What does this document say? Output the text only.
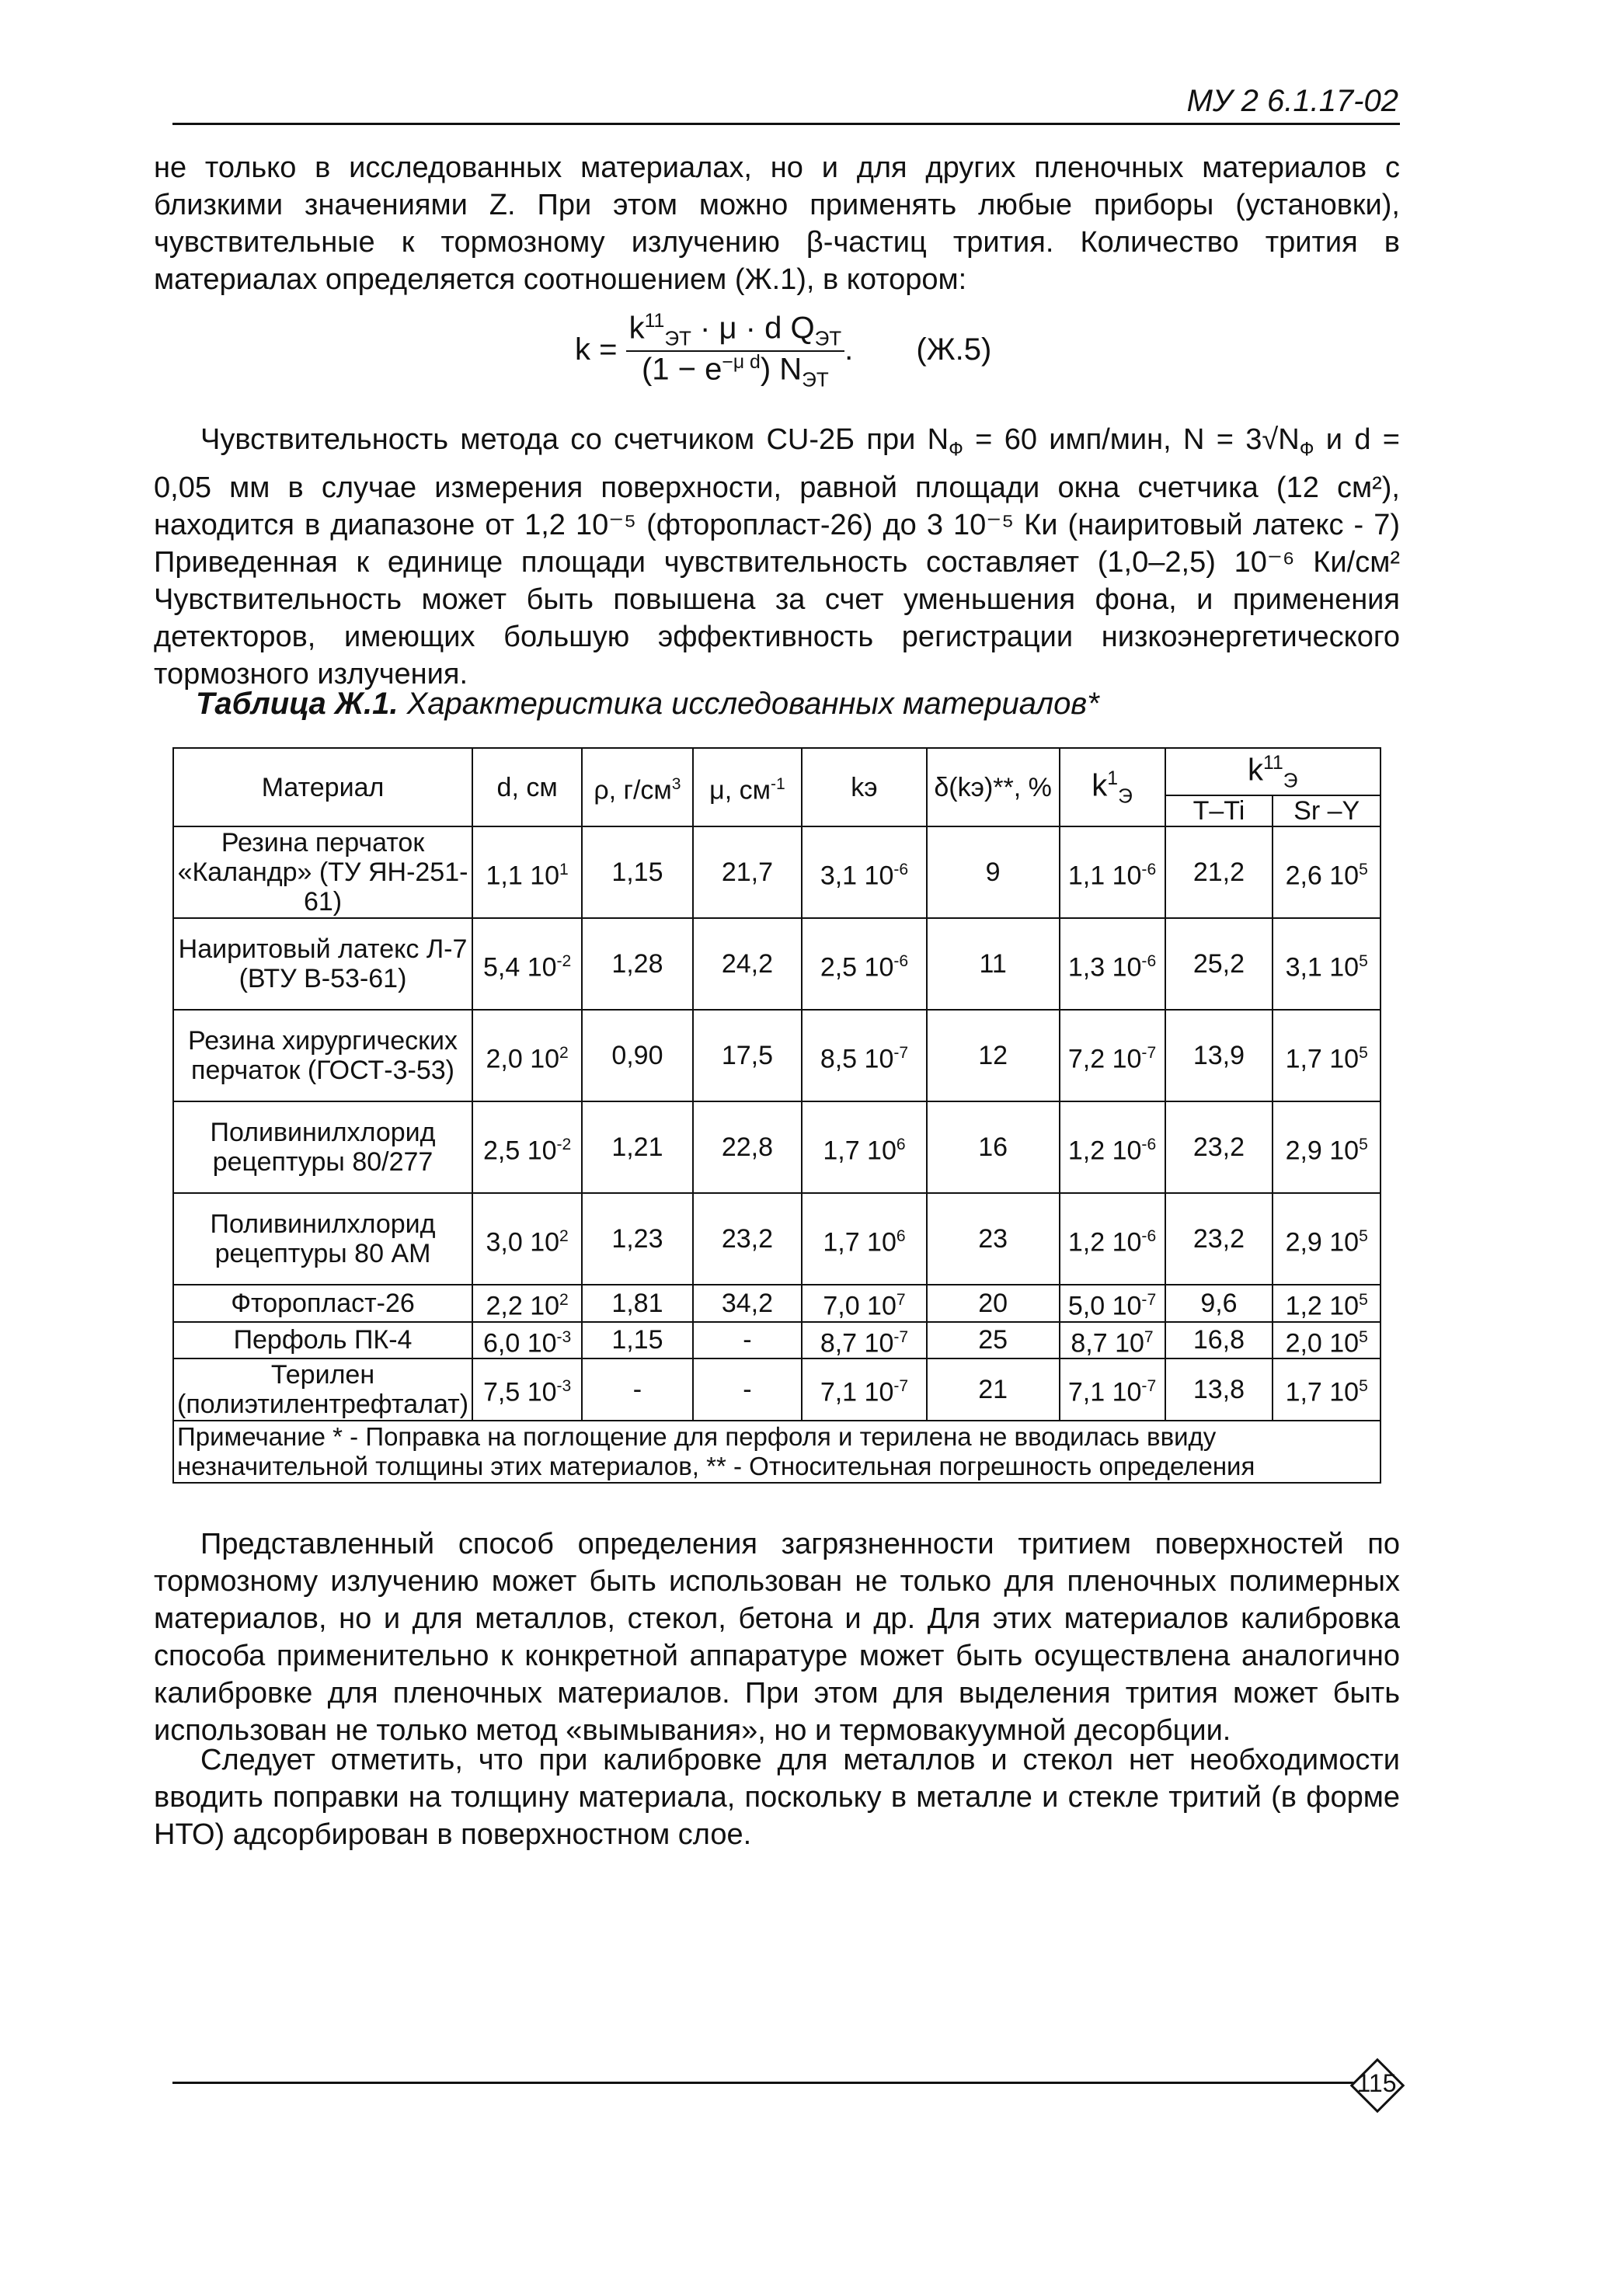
МУ 2 6.1.17-02
не только в исследованных материалах, но и для других пленочных материалов с близкими значениями Z. При этом можно применять любые приборы (установки), чувствительные к тормозному излучению β-частиц трития. Количество трития в материалах определяется соотношением (Ж.1), в котором:
$k = \frac{k^{11}_{ЭТ} \cdot \mu \cdot d Q_{ЭТ}}{(1 - e^{-\mu d}) N_{ЭТ}}$ . (Ж.5)
Чувствительность метода со счетчиком CU-2Б при $N_Ф = 60$ имп/мин, $N = 3√N_Ф$ и d = 0,05 мм в случае измерения поверхности, равной площади окна счетчика (12 см²), находится в диапазоне от 1,2 10⁻⁵ (фторопласт-26) до 3 10⁻⁵ Ки (наиритовый латекс - 7) Приведенная к единице площади чувствительность составляет (1,0–2,5) 10⁻⁶ Ки/см² Чувствительность может быть повышена за счет уменьшения фона, и применения детекторов, имеющих большую эффективность регистрации низкоэнергетического тормозного излучения.
Таблица Ж.1. Характеристика исследованных материалов*
Материал	d, см	ρ, $г/см^3$	μ, $см^{-1}$	kэ	δ(kэ)**, %	$k^1_Э$	$k^{11}_Э$
							T–Ti	Sr –Y
Резина перчаток «Каландр» (ТУ ЯН-251-61)	1,1 $10^1$	1,15	21,7	3,1 $10^{-6}$	9	1,1 $10^{-6}$	21,2	2,6 $10^5$
Наиритовый латекс Л-7 (ВТУ В-53-61)	5,4 $10^{-2}$	1,28	24,2	2,5 $10^{-6}$	11	1,3 $10^{-6}$	25,2	3,1 $10^5$
Резина хирургических перчаток (ГОСТ-3-53)	2,0 $10^2$	0,90	17,5	8,5 $10^{-7}$	12	7,2 $10^{-7}$	13,9	1,7 $10^5$
Поливинилхлорид рецептуры 80/277	2,5 $10^{-2}$	1,21	22,8	1,7 $10^6$	16	1,2 $10^{-6}$	23,2	2,9 $10^5$
Поливинилхлорид рецептуры 80 АМ	3,0 $10^2$	1,23	23,2	1,7 $10^6$	23	1,2 $10^{-6}$	23,2	2,9 $10^5$
Фторопласт-26	2,2 $10^2$	1,81	34,2	7,0 $10^7$	20	5,0 $10^{-7}$	9,6	1,2 $10^5$
Перфоль ПК-4	6,0 $10^{-3}$	1,15	-	8,7 $10^{-7}$	25	8,7 $10^7$	16,8	2,0 $10^5$
Терилен (полиэтилентрефталат)	7,5 $10^{-3}$	-	-	7,1 $10^{-7}$	21	7,1 $10^{-7}$	13,8	1,7 $10^5$
Примечание * - Поправка на поглощение для перфоля и терилена не вводилась ввиду незначительной толщины этих материалов, ** - Относительная погрешность определения								
Представленный способ определения загрязненности тритием поверхностей по тормозному излучению может быть использован не только для пленочных полимерных материалов, но и для металлов, стекол, бетона и др. Для этих материалов калибровка способа применительно к конкретной аппаратуре может быть осуществлена аналогично калибровке для пленочных материалов. При этом для выделения трития может быть использован не только метод «вымывания», но и термовакуумной десорбции.
Следует отметить, что при калибровке для металлов и стекол нет необходимости вводить поправки на толщину материала, поскольку в металле и стекле тритий (в форме НТО) адсорбирован в поверхностном слое.
115
